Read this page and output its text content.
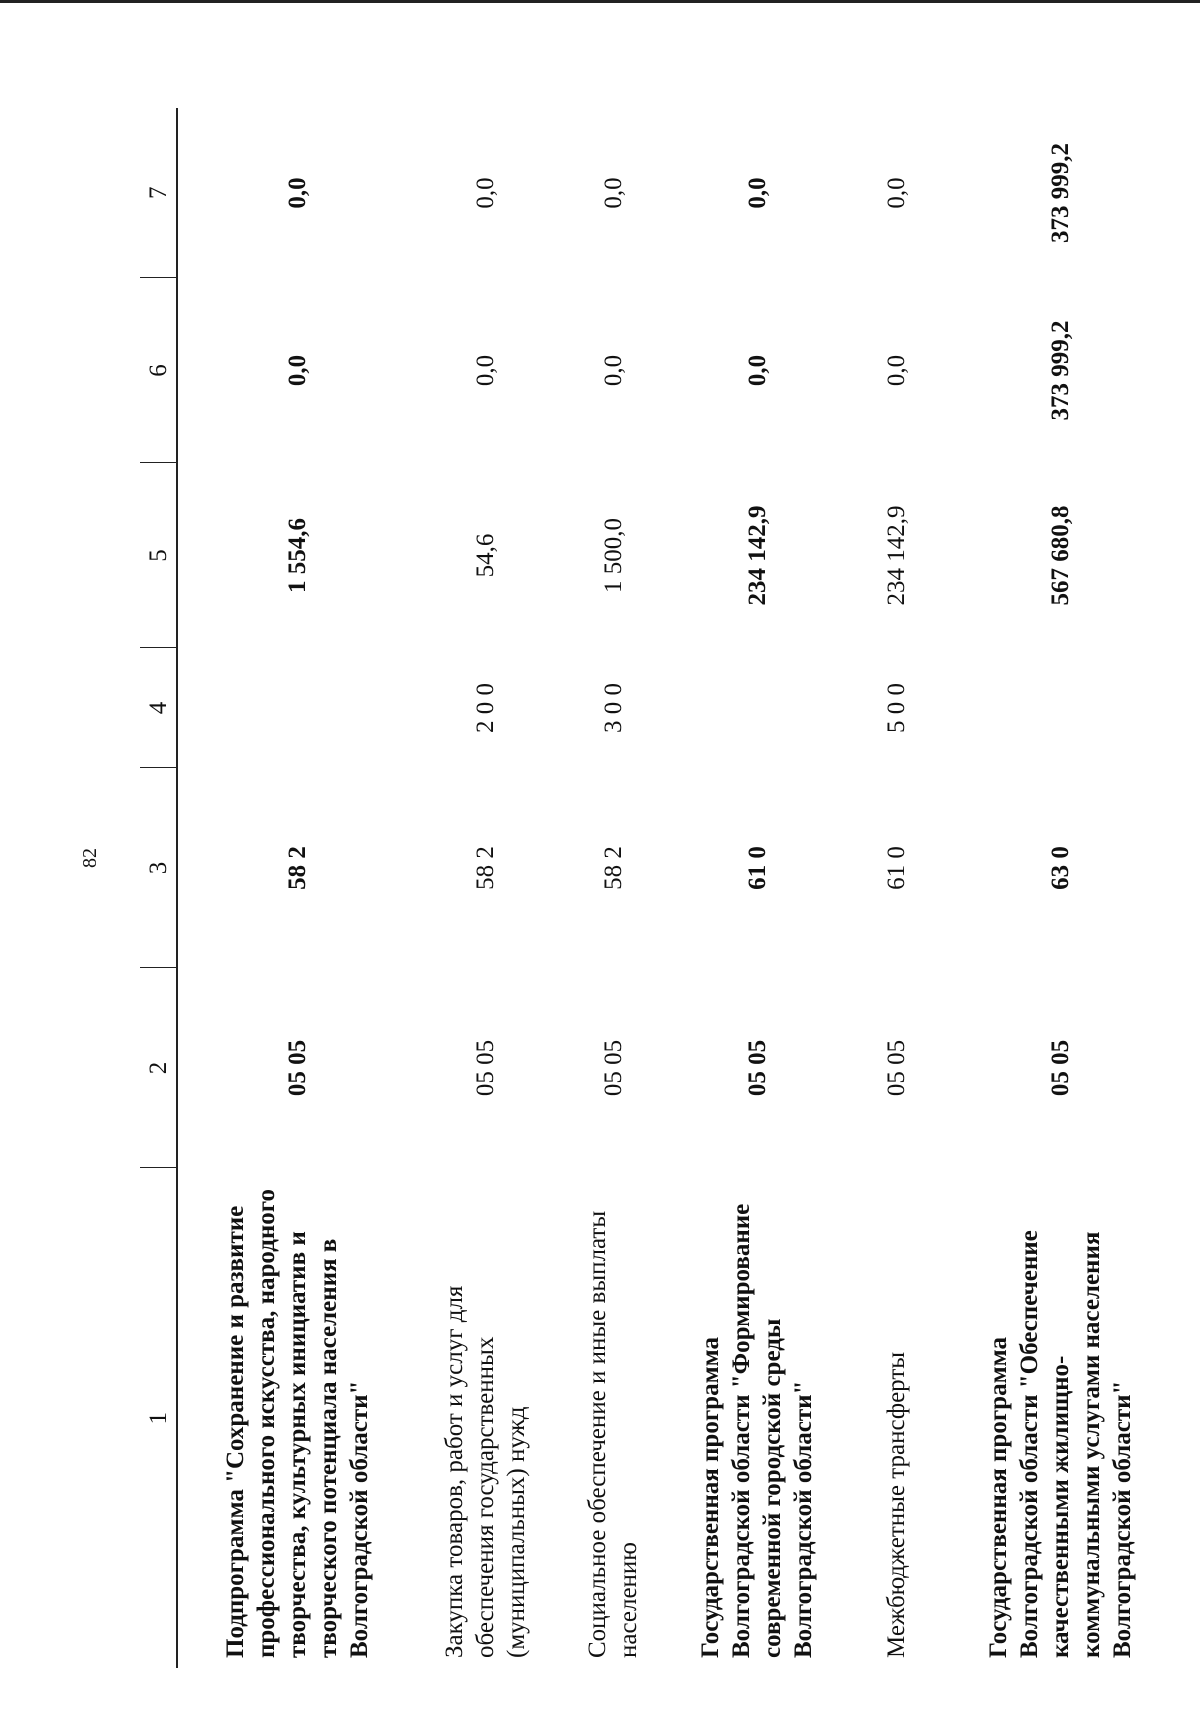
82
1	2	3	4	5	6	7
Подпрограмма "Сохранение и развитие профессионального искусства, народного творчества, культурных инициатив и творческого потенциала населения в Волгоградской области"	05 05	58 2		1 554,6	0,0	0,0
Закупка товаров, работ и услуг для обеспечения государственных (муниципальных) нужд	05 05	58 2	2 0 0	54,6	0,0	0,0
Социальное обеспечение и иные выплаты населению	05 05	58 2	3 0 0	1 500,0	0,0	0,0
Государственная программа Волгоградской области "Формирование современной городской среды Волгоградской области"	05 05	61 0		234 142,9	0,0	0,0
Межбюджетные трансферты	05 05	61 0	5 0 0	234 142,9	0,0	0,0
Государственная программа Волгоградской области "Обеспечение качественными жилищно-коммунальными услугами населения Волгоградской области"	05 05	63 0		567 680,8	373 999,2	373 999,2
